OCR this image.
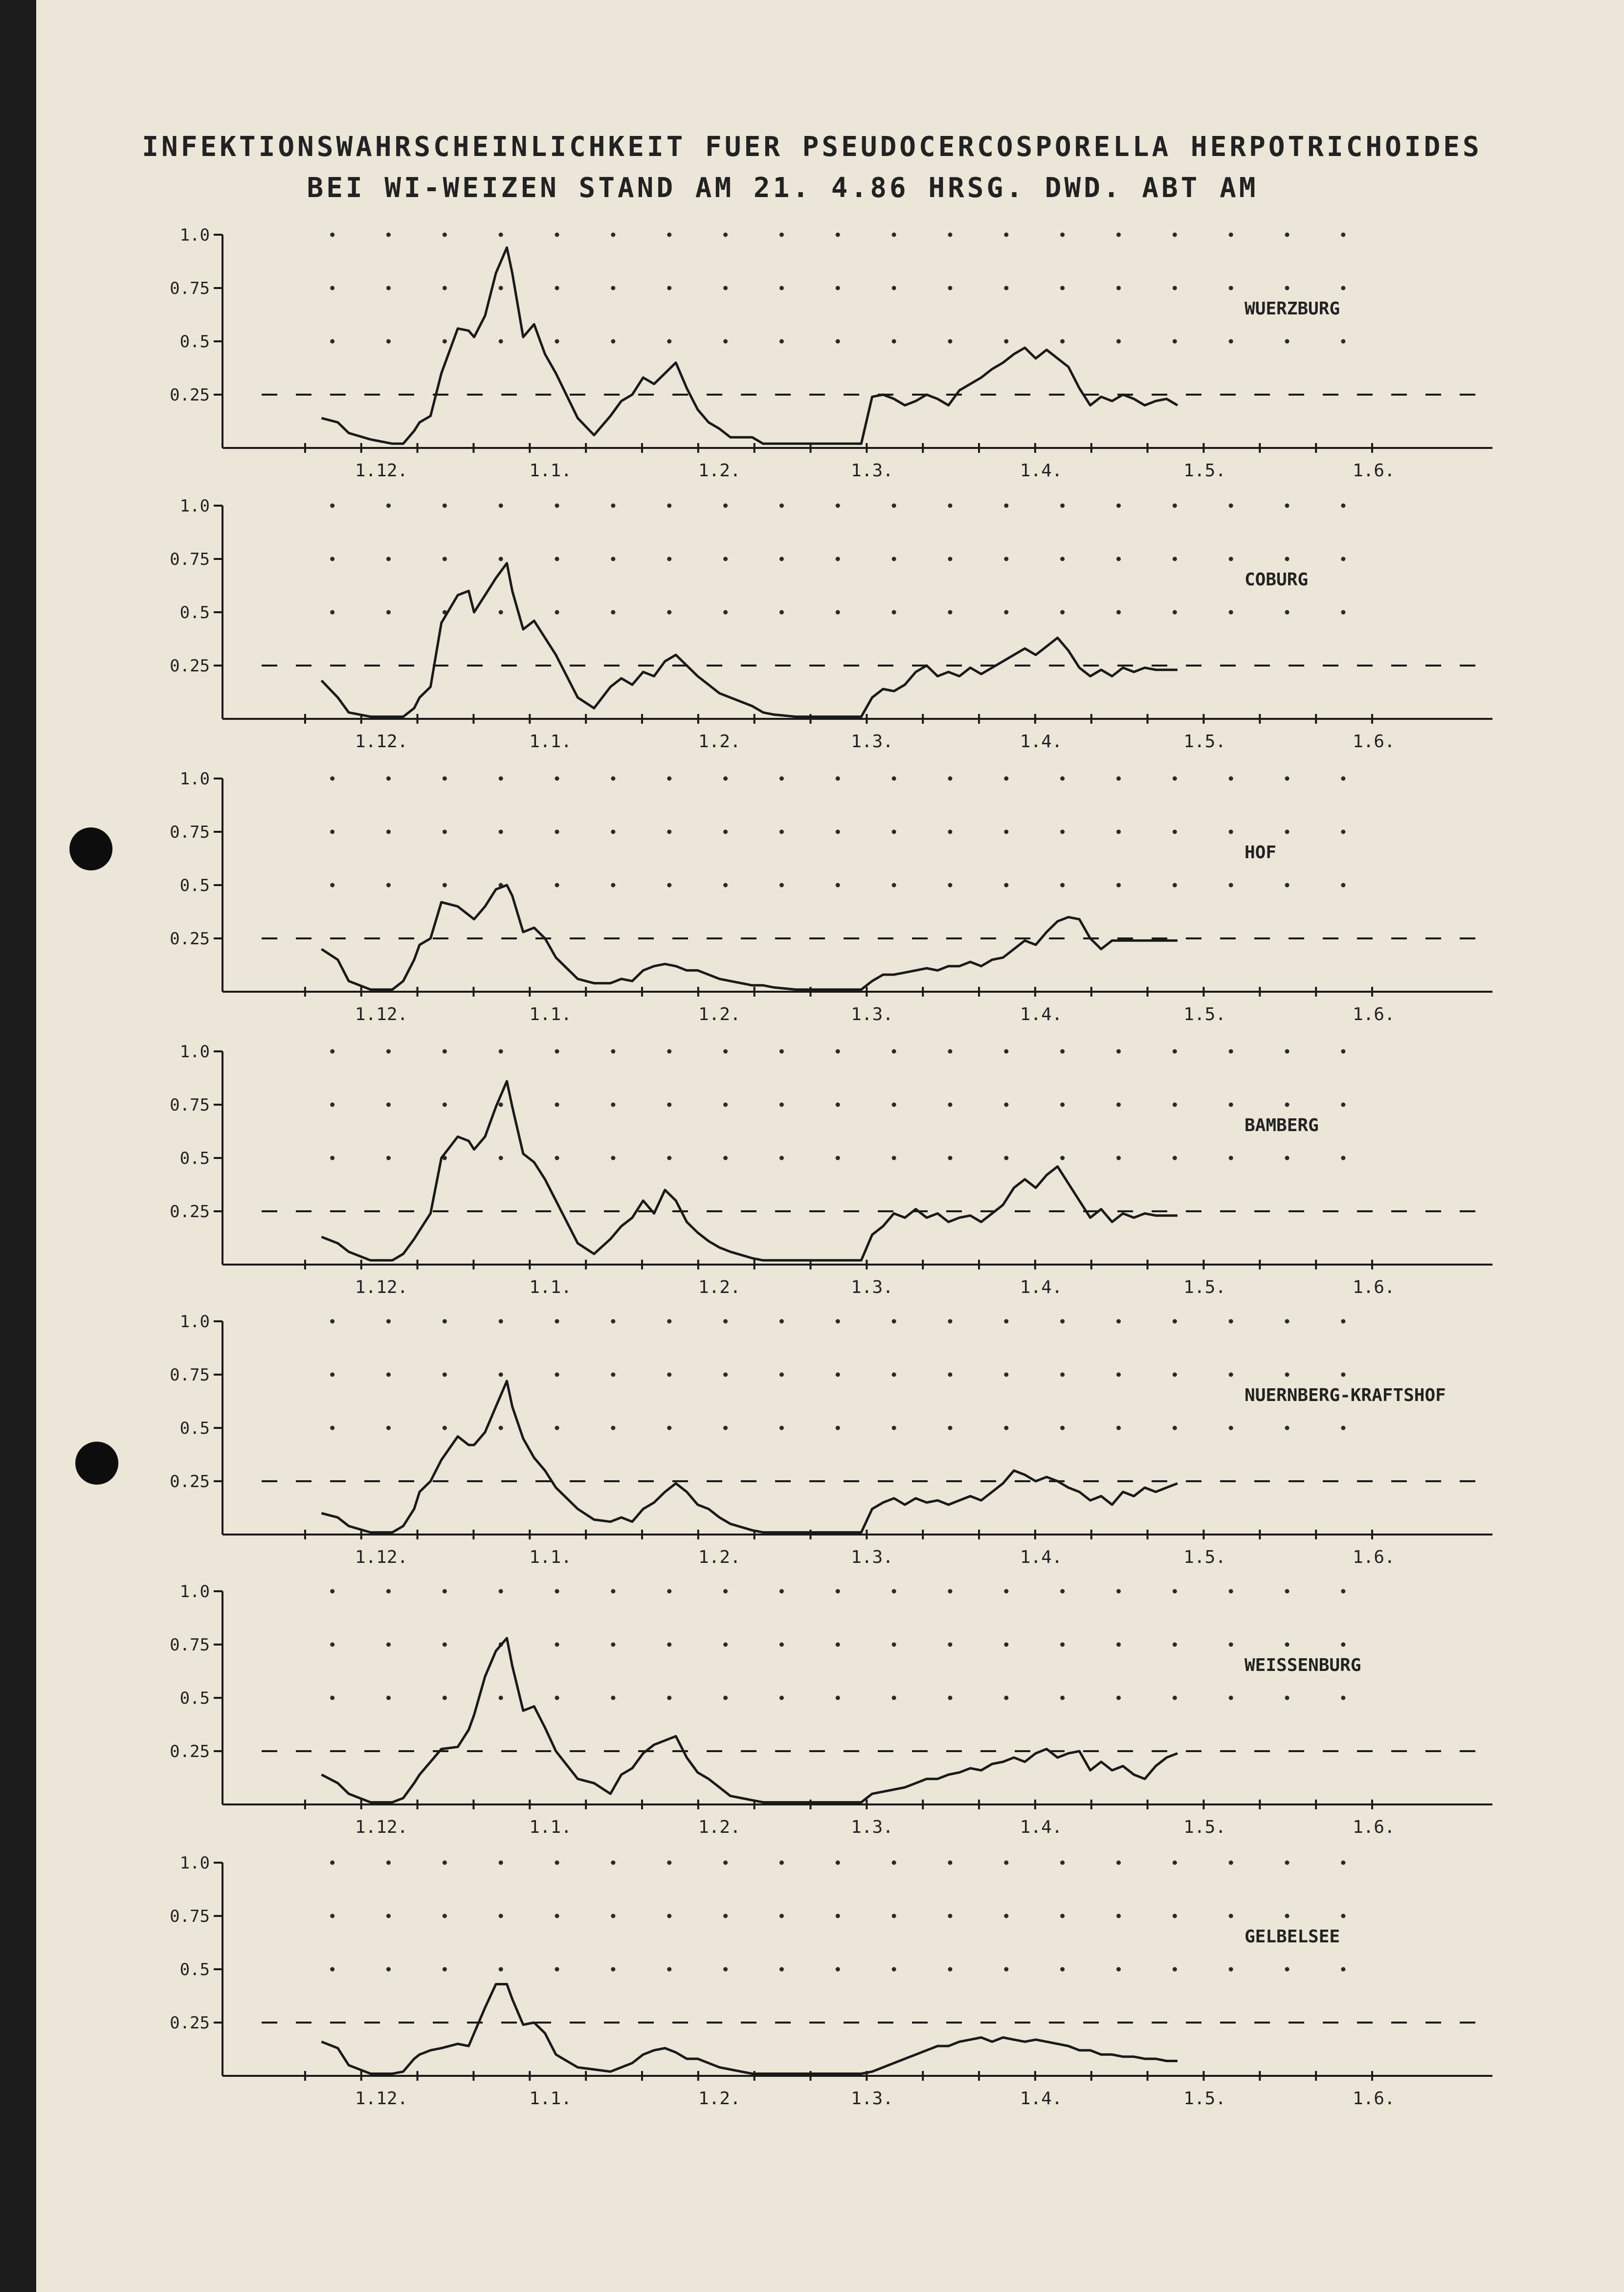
INFEKTIONSWAHRSCHEINLICHKEIT FUER PSEUDOCERCOSPORELLA HERPOTRICHOIDES
BEI WI-WEIZEN STAND AM 21. 4.86 HRSG. DWD. ABT AM
1.0
0.75
0.5
0.25
1.12.	1.1.	1.2.	1.3.	1.4.	1.5.	1.6.
WUERZBURG
1.0
0.75
0.5
0.25
1.12.	1.1.	1.2.	1.3.	1.4.	1.5.	1.6.
COBURG
1.0
0.75
0.5
0.25
1.12.	1.1.	1.2.	1.3.	1.4.	1.5.	1.6.
HOF
1.0
0.75
0.5
0.25
1.12.	1.1.	1.2.	1.3.	1.4.	1.5.	1.6.
BAMBERG
1.0
0.75
0.5
0.25
1.12.	1.1.	1.2.	1.3.	1.4.	1.5.	1.6.
NUERNBERG-KRAFTSHOF
1.0
0.75
0.5
0.25
1.12.	1.1.	1.2.	1.3.	1.4.	1.5.	1.6.
WEISSENBURG
1.0
0.75
0.5
0.25
1.12.	1.1.	1.2.	1.3.	1.4.	1.5.	1.6.
GELBELSEE
